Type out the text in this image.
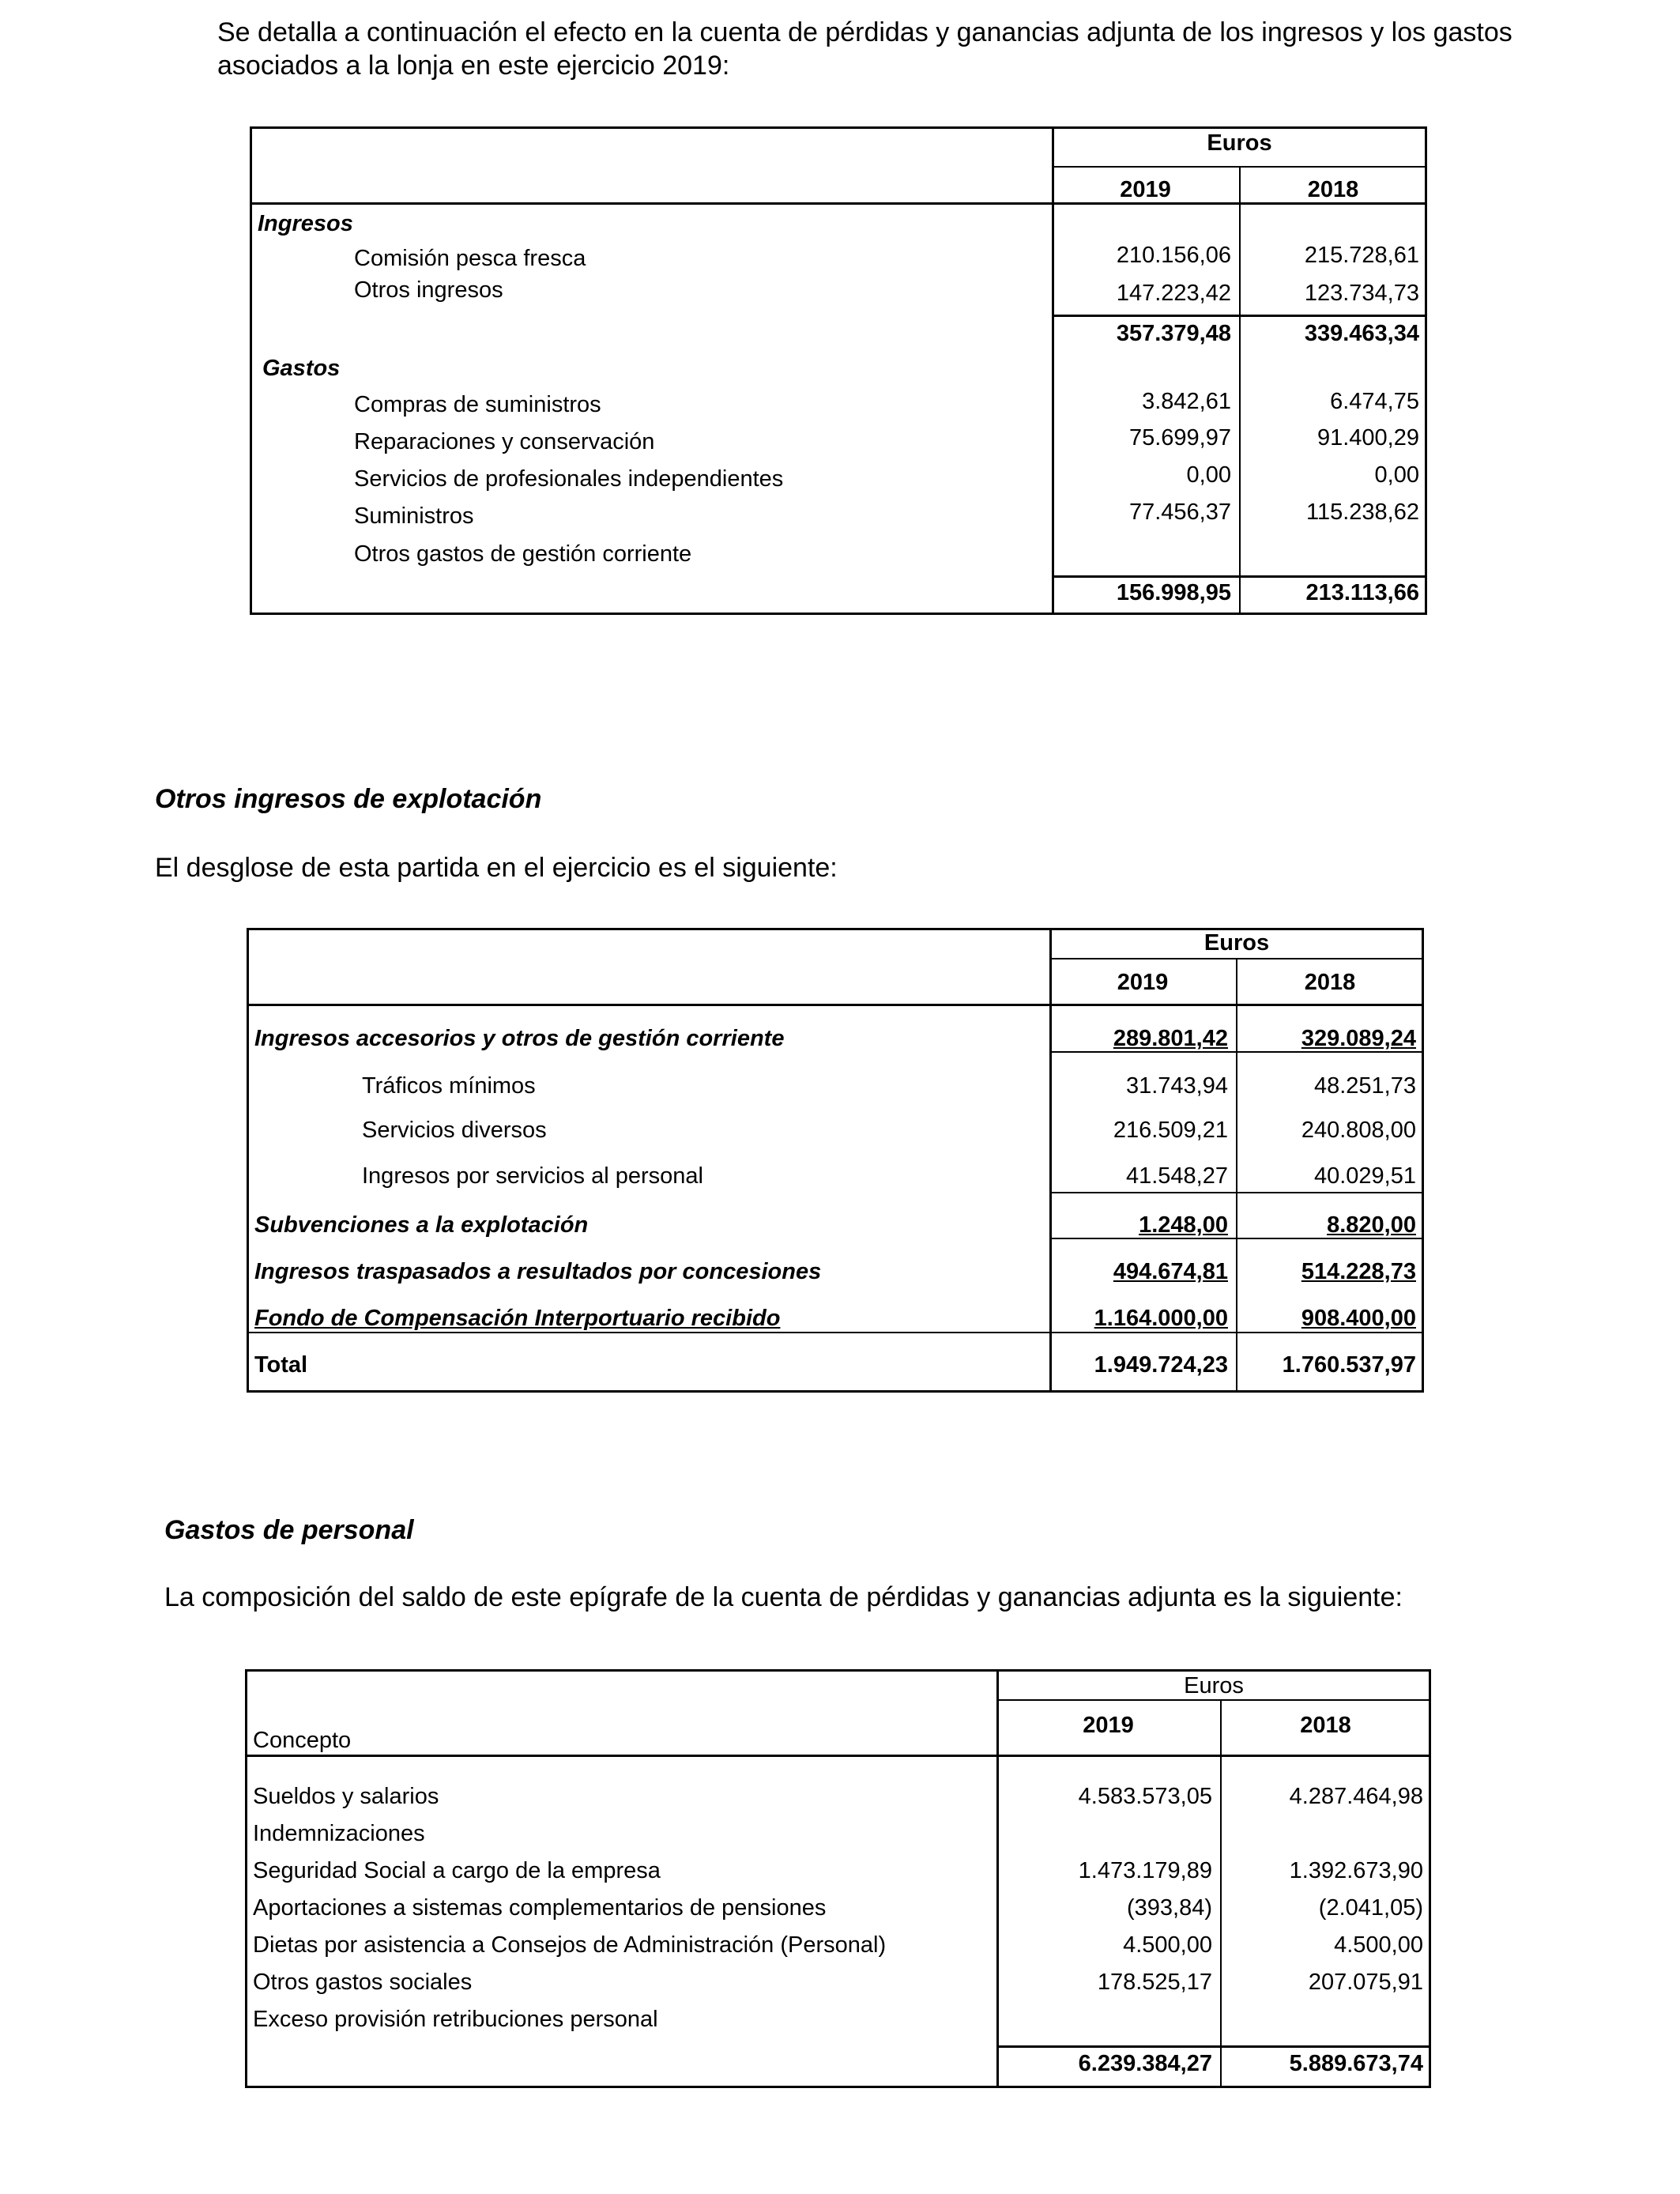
Se detalla a continuación el efecto en la cuenta de pérdidas y ganancias adjunta de los ingresos y los gastos
asociados a la lonja en este ejercicio 2019:
Euros
2019	2018
Ingresos
Comisión pesca fresca	210.156,06	215.728,61
Otros ingresos	147.223,42	123.734,73
357.379,48	339.463,34
Gastos
Compras de suministros	3.842,61	6.474,75
Reparaciones y conservación	75.699,97	91.400,29
Servicios de profesionales independientes	0,00	0,00
Suministros	77.456,37	115.238,62
Otros gastos de gestión corriente
156.998,95	213.113,66
Otros ingresos de explotación
El desglose de esta partida en el ejercicio es el siguiente:
Euros
2019	2018
Ingresos accesorios y otros de gestión corriente	289.801,42	329.089,24
Tráficos mínimos	31.743,94	48.251,73
Servicios diversos	216.509,21	240.808,00
Ingresos por servicios al personal	41.548,27	40.029,51
Subvenciones a la explotación	1.248,00	8.820,00
Ingresos traspasados a resultados por concesiones	494.674,81	514.228,73
Fondo de Compensación Interportuario recibido	1.164.000,00	908.400,00
Total	1.949.724,23	1.760.537,97
Gastos de personal
La composición del saldo de este epígrafe de la cuenta de pérdidas y ganancias adjunta es la siguiente:
Euros
2019	2018
Concepto
Sueldos y salarios	4.583.573,05	4.287.464,98
Indemnizaciones
Seguridad Social a cargo de la empresa	1.473.179,89	1.392.673,90
Aportaciones a sistemas complementarios de pensiones	(393,84)	(2.041,05)
Dietas por asistencia a Consejos de Administración (Personal)	4.500,00	4.500,00
Otros gastos sociales	178.525,17	207.075,91
Exceso provisión retribuciones personal
6.239.384,27	5.889.673,74
